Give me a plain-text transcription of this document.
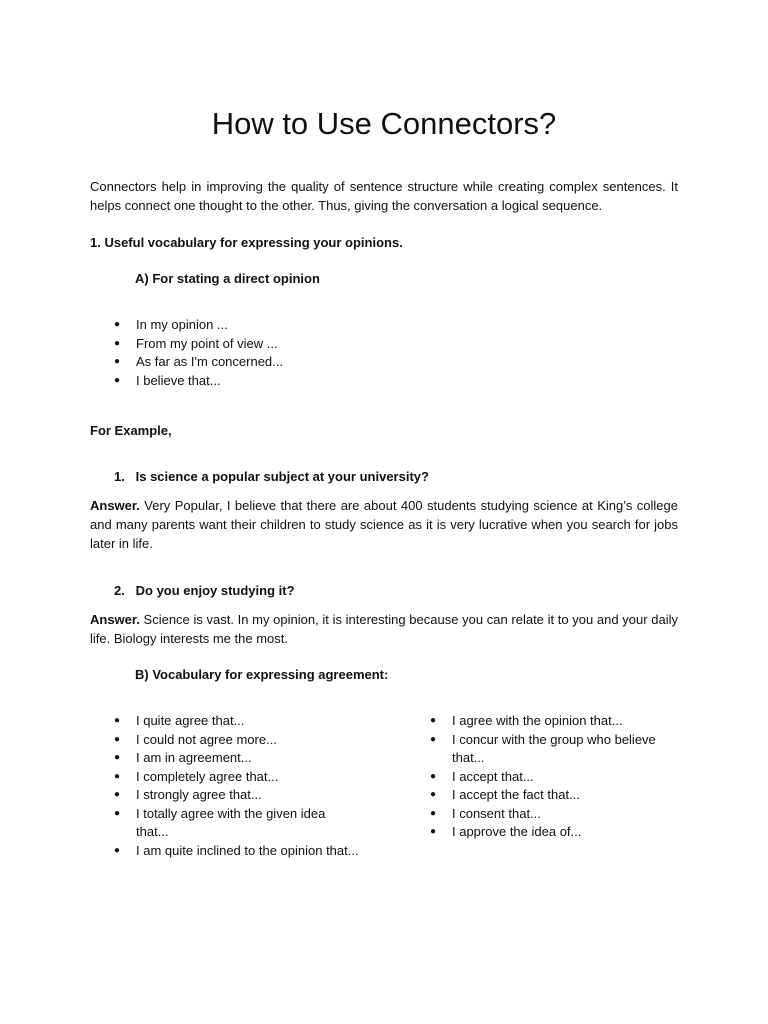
How to Use Connectors?

Connectors help in improving the quality of sentence structure while creating complex sentences. It helps connect one thought to the other. Thus, giving the conversation a logical sequence.

1. Useful vocabulary for expressing your opinions.

A) For stating a direct opinion

● In my opinion ...
● From my point of view ...
● As far as I'm concerned...
● I believe that...

For Example,

1. Is science a popular subject at your university?

Answer. Very Popular, I believe that there are about 400 students studying science at King’s college and many parents want their children to study science as it is very lucrative when you search for jobs later in life.

2. Do you enjoy studying it?

Answer. Science is vast. In my opinion, it is interesting because you can relate it to you and your daily life. Biology interests me the most.

B) Vocabulary for expressing agreement:

● I quite agree that...
● I could not agree more...
● I am in agreement...
● I completely agree that...
● I strongly agree that...
● I totally agree with the given idea that...
● I am quite inclined to the opinion that...
● I agree with the opinion that...
● I concur with the group who believe that...
● I accept that...
● I accept the fact that...
● I consent that...
● I approve the idea of...
